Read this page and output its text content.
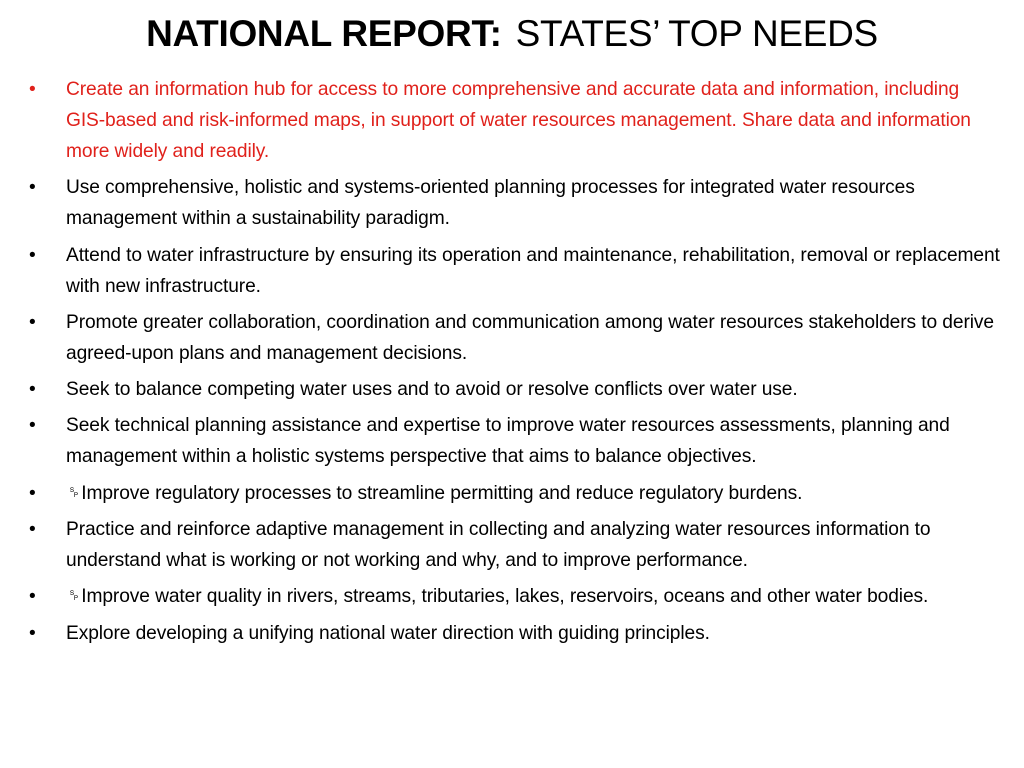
NATIONAL REPORT: STATES’ TOP NEEDS
•	Create an information hub for access to more comprehensive and accurate data and information, including GIS-based and risk-informed maps, in support of water resources management. Share data and information more widely and readily.
•	Use comprehensive, holistic and systems-oriented planning processes for integrated water resources management within a sustainability paradigm.
•	Attend to water infrastructure by ensuring its operation and maintenance, rehabilitation, removal or replacement with new infrastructure.
•	Promote greater collaboration, coordination and communication among water resources stakeholders to derive agreed-upon plans and management decisions.
•	Seek to balance competing water uses and to avoid or resolve conflicts over water use.
•	Seek technical planning assistance and expertise to improve water resources assessments, planning and management within a holistic systems perspective that aims to balance objectives.
•	␠Improve regulatory processes to streamline permitting and reduce regulatory burdens.
•	Practice and reinforce adaptive management in collecting and analyzing water resources information to understand what is working or not working and why, and to improve performance.
•	␠Improve water quality in rivers, streams, tributaries, lakes, reservoirs, oceans and other water bodies.
•	Explore developing a unifying national water direction with guiding principles.
